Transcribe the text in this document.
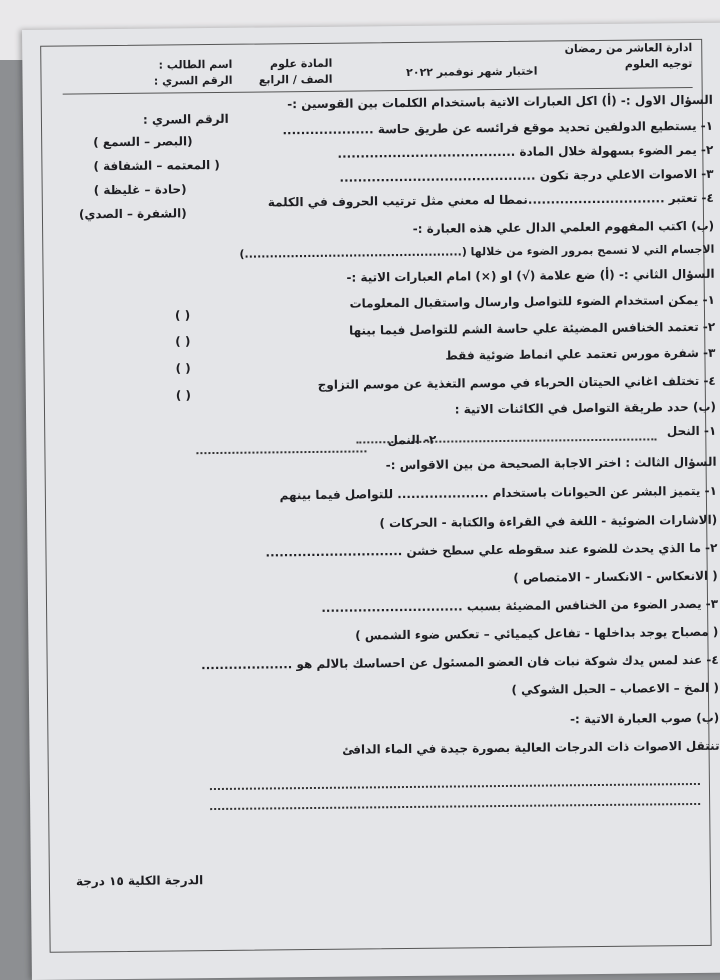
ادارة العاشر من رمضان
توجيه العلوم
اختبار شهر نوفمبر ٢٠٢٢
المادة علوم
الصف / الرابع
اسم الطالب :
الرقم السري :
السؤال الاول :- (أ) اكل العبارات الاتية باستخدام الكلمات بين القوسين :-
الرقم السري :	١- يستطيع الدولفين تحديد موقع فرائسه عن طريق حاسة ....................
(البصر – السمع )
٢- يمر الضوء بسهولة خلال المادة .......................................
( المعتمه – الشفافة )
٣- الاصوات الاعلي درجة تكون ...........................................
(حادة – غليظة )
٤- تعتبر ..............................نمطا له معني مثل ترتيب الحروف في الكلمة
(الشفرة – الصدي)
(ب) اكتب المفهوم العلمي الدال علي هذه العبارة :-
الاجسام التي لا تسمح بمرور الضوء من خلالها (....................................................)
السؤال الثاني :- (أ) ضع علامة (√) او (×) امام العبارات الاتية :-
١- يمكن استخدام الضوء للتواصل وارسال واستقبال المعلومات
( )
٢- تعتمد الخنافس المضيئة علي حاسة الشم للتواصل فيما بينها
( )
٣- شفرة مورس تعتمد علي انماط ضوئية فقط
( )
٤- تختلف اغاني الحيتان الحرباء في موسم التغذية عن موسم التزاوج
( )
(ب) حدد طريقة التواصل في الكائنات الاتية :
١- النحل
٢- النمل
السؤال الثالث : اختر الاجابة الصحيحة من بين الاقواس :-
١- يتميز البشر عن الحيوانات باستخدام .................... للتواصل فيما بينهم
(الاشارات الضوئية - اللغة في القراءة والكتابة - الحركات )
٢- ما الذي يحدث للضوء عند سقوطه علي سطح خشن ..............................
( الانعكاس - الانكسار - الامتصاص )
٣- يصدر الضوء من الخنافس المضيئة بسبب ...............................
( مصباح يوجد بداخلها - تفاعل كيميائي – تعكس ضوء الشمس )
٤- عند لمس يدك شوكة نبات فان العضو المسئول عن احساسك بالالم هو ....................
( المخ – الاعصاب – الحبل الشوكي )
(ب) صوب العبارة الاتية :-
تنتقل الاصوات ذات الدرجات العالية بصورة جيدة في الماء الدافئ
الدرجة الكلية ١٥ درجة
